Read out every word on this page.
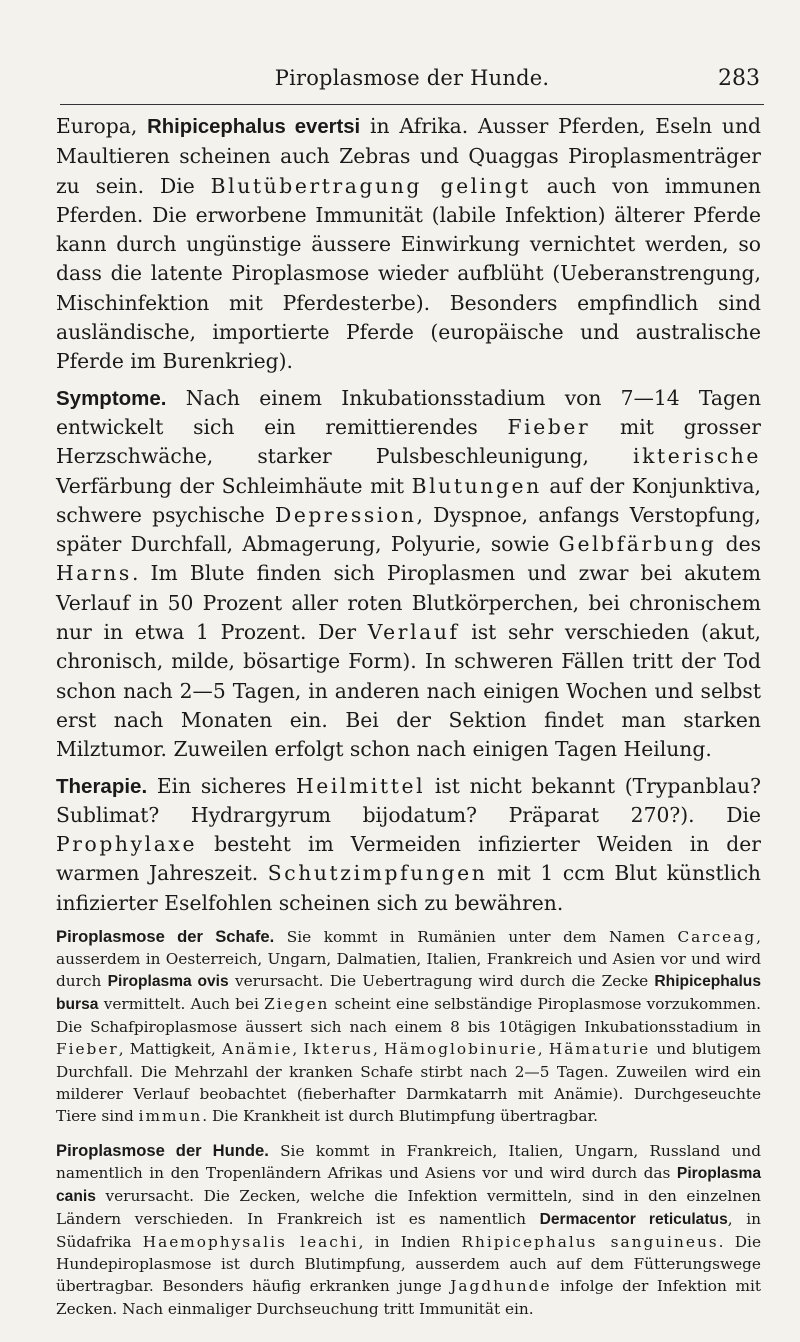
Piroplasmose der Hunde.	283

Europa, Rhipicephalus evertsi in Afrika. Ausser Pferden, Eseln und Maultieren scheinen auch Zebras und Quaggas Piroplasmenträger zu sein. Die Blutübertragung gelingt auch von immunen Pferden. Die erworbene Immunität (labile Infektion) älterer Pferde kann durch ungünstige äussere Einwirkung vernichtet werden, so dass die latente Piroplasmose wieder aufblüht (Ueberanstrengung, Mischinfektion mit Pferdesterbe). Besonders empfindlich sind ausländische, importierte Pferde (europäische und australische Pferde im Burenkrieg).

Symptome. Nach einem Inkubationsstadium von 7—14 Tagen entwickelt sich ein remittierendes Fieber mit grosser Herzschwäche, starker Pulsbeschleunigung, ikterische Verfärbung der Schleimhäute mit Blutungen auf der Konjunktiva, schwere psychische Depression, Dyspnoe, anfangs Verstopfung, später Durchfall, Abmagerung, Polyurie, sowie Gelbfärbung des Harns. Im Blute finden sich Piroplasmen und zwar bei akutem Verlauf in 50 Prozent aller roten Blutkörperchen, bei chronischem nur in etwa 1 Prozent. Der Verlauf ist sehr verschieden (akut, chronisch, milde, bösartige Form). In schweren Fällen tritt der Tod schon nach 2—5 Tagen, in anderen nach einigen Wochen und selbst erst nach Monaten ein. Bei der Sektion findet man starken Milztumor. Zuweilen erfolgt schon nach einigen Tagen Heilung.

Therapie. Ein sicheres Heilmittel ist nicht bekannt (Trypanblau? Sublimat? Hydrargyrum bijodatum? Präparat 270?). Die Prophylaxe besteht im Vermeiden infizierter Weiden in der warmen Jahreszeit. Schutzimpfungen mit 1 ccm Blut künstlich infizierter Eselfohlen scheinen sich zu bewähren.

Piroplasmose der Schafe. Sie kommt in Rumänien unter dem Namen Carceag, ausserdem in Oesterreich, Ungarn, Dalmatien, Italien, Frankreich und Asien vor und wird durch Piroplasma ovis verursacht. Die Uebertragung wird durch die Zecke Rhipicephalus bursa vermittelt. Auch bei Ziegen scheint eine selbständige Piroplasmose vorzukommen. Die Schafpiroplasmose äussert sich nach einem 8 bis 10tägigen Inkubationsstadium in Fieber, Mattigkeit, Anämie, Ikterus, Hämoglobinurie, Hämaturie und blutigem Durchfall. Die Mehrzahl der kranken Schafe stirbt nach 2—5 Tagen. Zuweilen wird ein milderer Verlauf beobachtet (fieberhafter Darmkatarrh mit Anämie). Durchgeseuchte Tiere sind immun. Die Krankheit ist durch Blutimpfung übertragbar.

Piroplasmose der Hunde. Sie kommt in Frankreich, Italien, Ungarn, Russland und namentlich in den Tropenländern Afrikas und Asiens vor und wird durch das Piroplasma canis verursacht. Die Zecken, welche die Infektion vermitteln, sind in den einzelnen Ländern verschieden. In Frankreich ist es namentlich Dermacentor reticulatus, in Südafrika Haemophysalis leachi, in Indien Rhipicephalus sanguineus. Die Hundepiroplasmose ist durch Blutimpfung, ausserdem auch auf dem Fütterungswege übertragbar. Besonders häufig erkranken junge Jagdhunde infolge der Infektion mit Zecken. Nach einmaliger Durchseuchung tritt Immunität ein.
